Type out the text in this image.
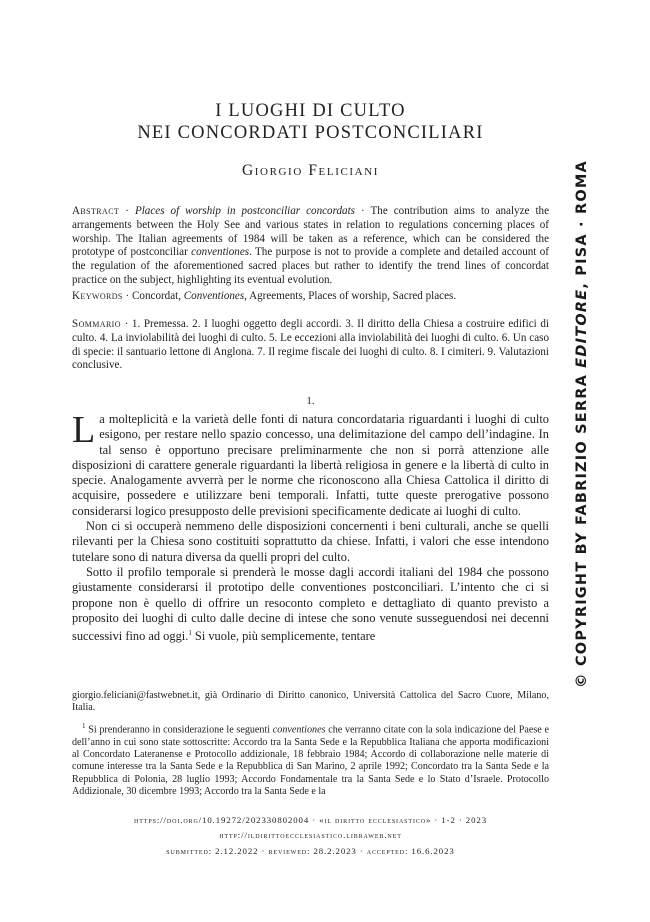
I LUOGHI DI CULTO
NEI CONCORDATI POSTCONCILIARI
Giorgio Feliciani
Abstract · Places of worship in postconciliar concordats · The contribution aims to analyze the arrangements between the Holy See and various states in relation to regulations concerning places of worship. The Italian agreements of 1984 will be taken as a reference, which can be considered the prototype of postconciliar conventiones. The purpose is not to provide a complete and detailed account of the regulation of the aforementioned sacred places but rather to identify the trend lines of concordat practice on the subject, highlighting its eventual evolution.
Keywords · Concordat, Conventiones, Agreements, Places of worship, Sacred places.
Sommario · 1. Premessa. 2. I luoghi oggetto degli accordi. 3. Il diritto della Chiesa a costruire edifici di culto. 4. La inviolabilità dei luoghi di culto. 5. Le eccezioni alla inviolabilità dei luoghi di culto. 6. Un caso di specie: il santuario lettone di Anglona. 7. Il regime fiscale dei luoghi di culto. 8. I cimiteri. 9. Valutazioni conclusive.
1.

La molteplicità e la varietà delle fonti di natura concordataria riguardanti i luoghi di culto esigono, per restare nello spazio concesso, una delimitazione del campo dell’indagine. In tal senso è opportuno precisare preliminarmente che non si porrà attenzione alle disposizioni di carattere generale riguardanti la libertà religiosa in genere e la libertà di culto in specie. Analogamente avverrà per le norme che riconoscono alla Chiesa Cattolica il diritto di acquisire, possedere e utilizzare beni temporali. Infatti, tutte queste prerogative possono considerarsi logico presupposto delle previsioni specificamente dedicate ai luoghi di culto.

Non ci si occuperà nemmeno delle disposizioni concernenti i beni culturali, anche se quelli rilevanti per la Chiesa sono costituiti soprattutto da chiese. Infatti, i valori che esse intendono tutelare sono di natura diversa da quelli propri del culto.

Sotto il profilo temporale si prenderà le mosse dagli accordi italiani del 1984 che possono giustamente considerarsi il prototipo delle conventiones postconciliari. L’intento che ci si propone non è quello di offrire un resoconto completo e dettagliato di quanto previsto a proposito dei luoghi di culto dalle decine di intese che sono venute susseguendosi nei decenni successivi fino ad oggi.$^1$ Si vuole, più semplicemente, tentare

giorgio.feliciani@fastwebnet.it, già Ordinario di Diritto canonico, Università Cattolica del Sacro Cuore, Milano, Italia.

$^1$ Si prenderanno in considerazione le seguenti conventiones che verranno citate con la sola indicazione del Paese e dell’anno in cui sono state sottoscritte: Accordo tra la Santa Sede e la Repubblica Italiana che apporta modificazioni al Concordato Lateranense e Protocollo addizionale, 18 febbraio 1984; Accordo di collaborazione nelle materie di comune interesse tra la Santa Sede e la Repubblica di San Marino, 2 aprile 1992; Concordato tra la Santa Sede e la Repubblica di Polonia, 28 luglio 1993; Accordo Fondamentale tra la Santa Sede e lo Stato d’Israele. Protocollo Addizionale, 30 dicembre 1993; Accordo tra la Santa Sede e la

https://doi.org/10.19272/202330802004 · «il diritto ecclesiastico» · 1-2 · 2023
http://ildirittoecclesiastico.libraweb.net
submitted: 2.12.2022 · reviewed: 28.2.2023 · accepted: 16.6.2023
© COPYRIGHT BY FABRIZIO SERRA EDITORE, PISA · ROMA
